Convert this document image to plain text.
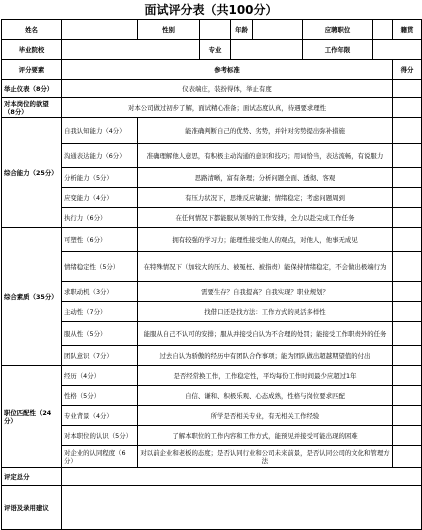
面试评分表（共100分）
姓名		性别		年龄		应聘职位		籍贯
毕业院校			专业			工作年限		
评分要素	参考标准							得分
举止仪表（8分）	仪表端庄，装扮得体，举止有度							
对本岗位的欲望（8分）	对本公司做过初步了解，面试精心准备；面试态度认真，待遇要求理性							
综合能力（25分）	自我认知能力（4分）	能准确判断自己的优势、劣势，并针对劣势提出弥补措施						
	沟通表达能力（6分）	准确理解他人意思，有积极主动沟通的意识和技巧；用词恰当，表达流畅，有说服力						
	分析能力（5分）	思路清晰，富有条理；分析问题全面、透彻、客观						
	应变能力（4分）	有压力状况下，思维反应敏捷；情绪稳定；考虑问题周到						
	执行力（6分）	在任何情况下都能服从领导的工作安排，全力以赴完成工作任务						
综合素质（35分）	可塑性（6分）	拥有较强的学习力；能理性接受他人的观点，对他人，他事无成见						
	情绪稳定性（5分）	在特殊情况下（加较大的压力、被冤枉、被指责）能保持情绪稳定，不会做出极端行为						
	求职动机（3分）	需要生存？自我提高？自我实现？职业规划？						
	主动性（7分）	找借口还是找方法：工作方式的灵活多样性						
	服从性（5分）	能服从自己不认可的安排；服从并接受自认为不合理的处罚；能接受工作职责外的任务						
	团队意识（7分）	过去自认为骄傲的经历中有团队合作事项；能为团队做出超越期望值的付出						
职位匹配性（24分）	经历（4分）	是否经常换工作，工作稳定性，平均每份工作时间最少应超过1年						
	性格（5分）	自信、谦和、积极乐观、心态成熟，性格与岗位要求匹配						
	专业背景（4分）	所学是否相关专业，有无相关工作经验						
	对本职位的认识（5分）	了解本职位的工作内容和工作方式，能预见并接受可能出现的困难						
	对企业的认同程度（6分）	对以前企业和老板的态度；是否认同行业和公司未来前景，是否认同公司的文化和管理方法						
评定总分								
评语及录用建议								
